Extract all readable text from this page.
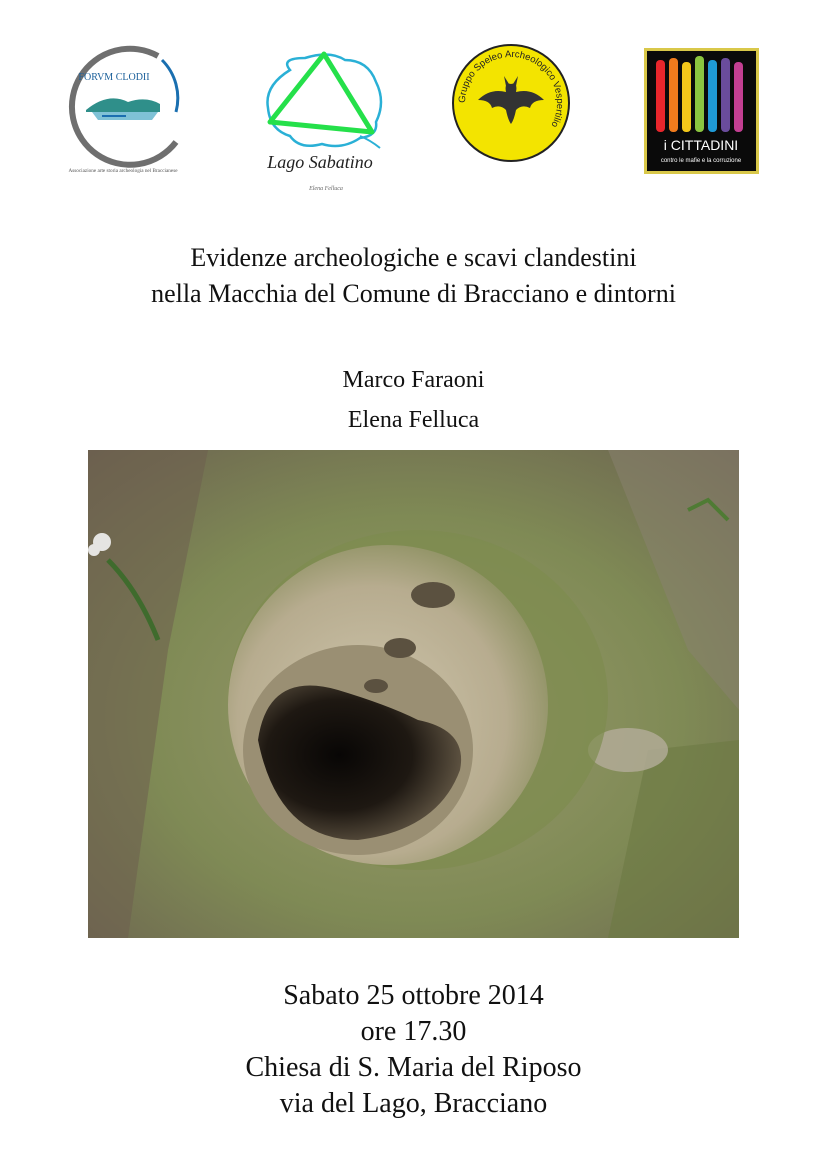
FORVM CLODII
Associazione arte storia archeologia nel Braccianese	Lago Sabatino
Elena Felluca
Gruppo Speleo Archeologico Vespertilio
i CITTADINI
contro le mafie e la corruzione
Evidenze archeologiche e scavi clandestini
nella Macchia del Comune di Bracciano e dintorni
Marco Faraoni
Elena Felluca
Sabato 25 ottobre 2014
ore 17.30
Chiesa di S. Maria del Riposo
via del Lago, Bracciano
